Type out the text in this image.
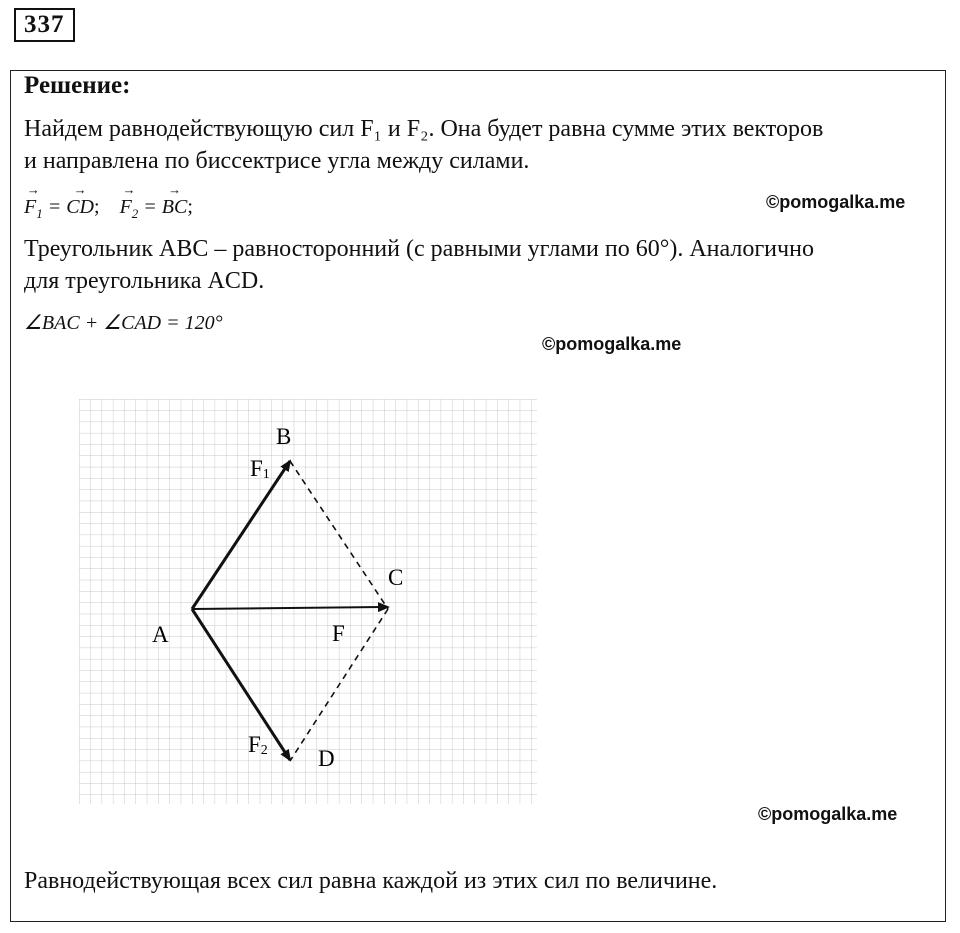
337
Решение:
Найдем равнодействующую сил F₁ и F₂. Она будет равна сумме этих векторов
и направлена по биссектрисе угла между силами.
→ $F_1$ = → CD;    → $F_2$ = → BC;	©pomogalka.me
Треугольник ABC – равносторонний (с равными углами по 60°). Аналогично
для треугольника ACD.
∠BAC + ∠CAD = 120°
©pomogalka.me
B
C
A	F
D
F1
F2
©pomogalka.me
Равнодействующая всех сил равна каждой из этих сил по величине.
